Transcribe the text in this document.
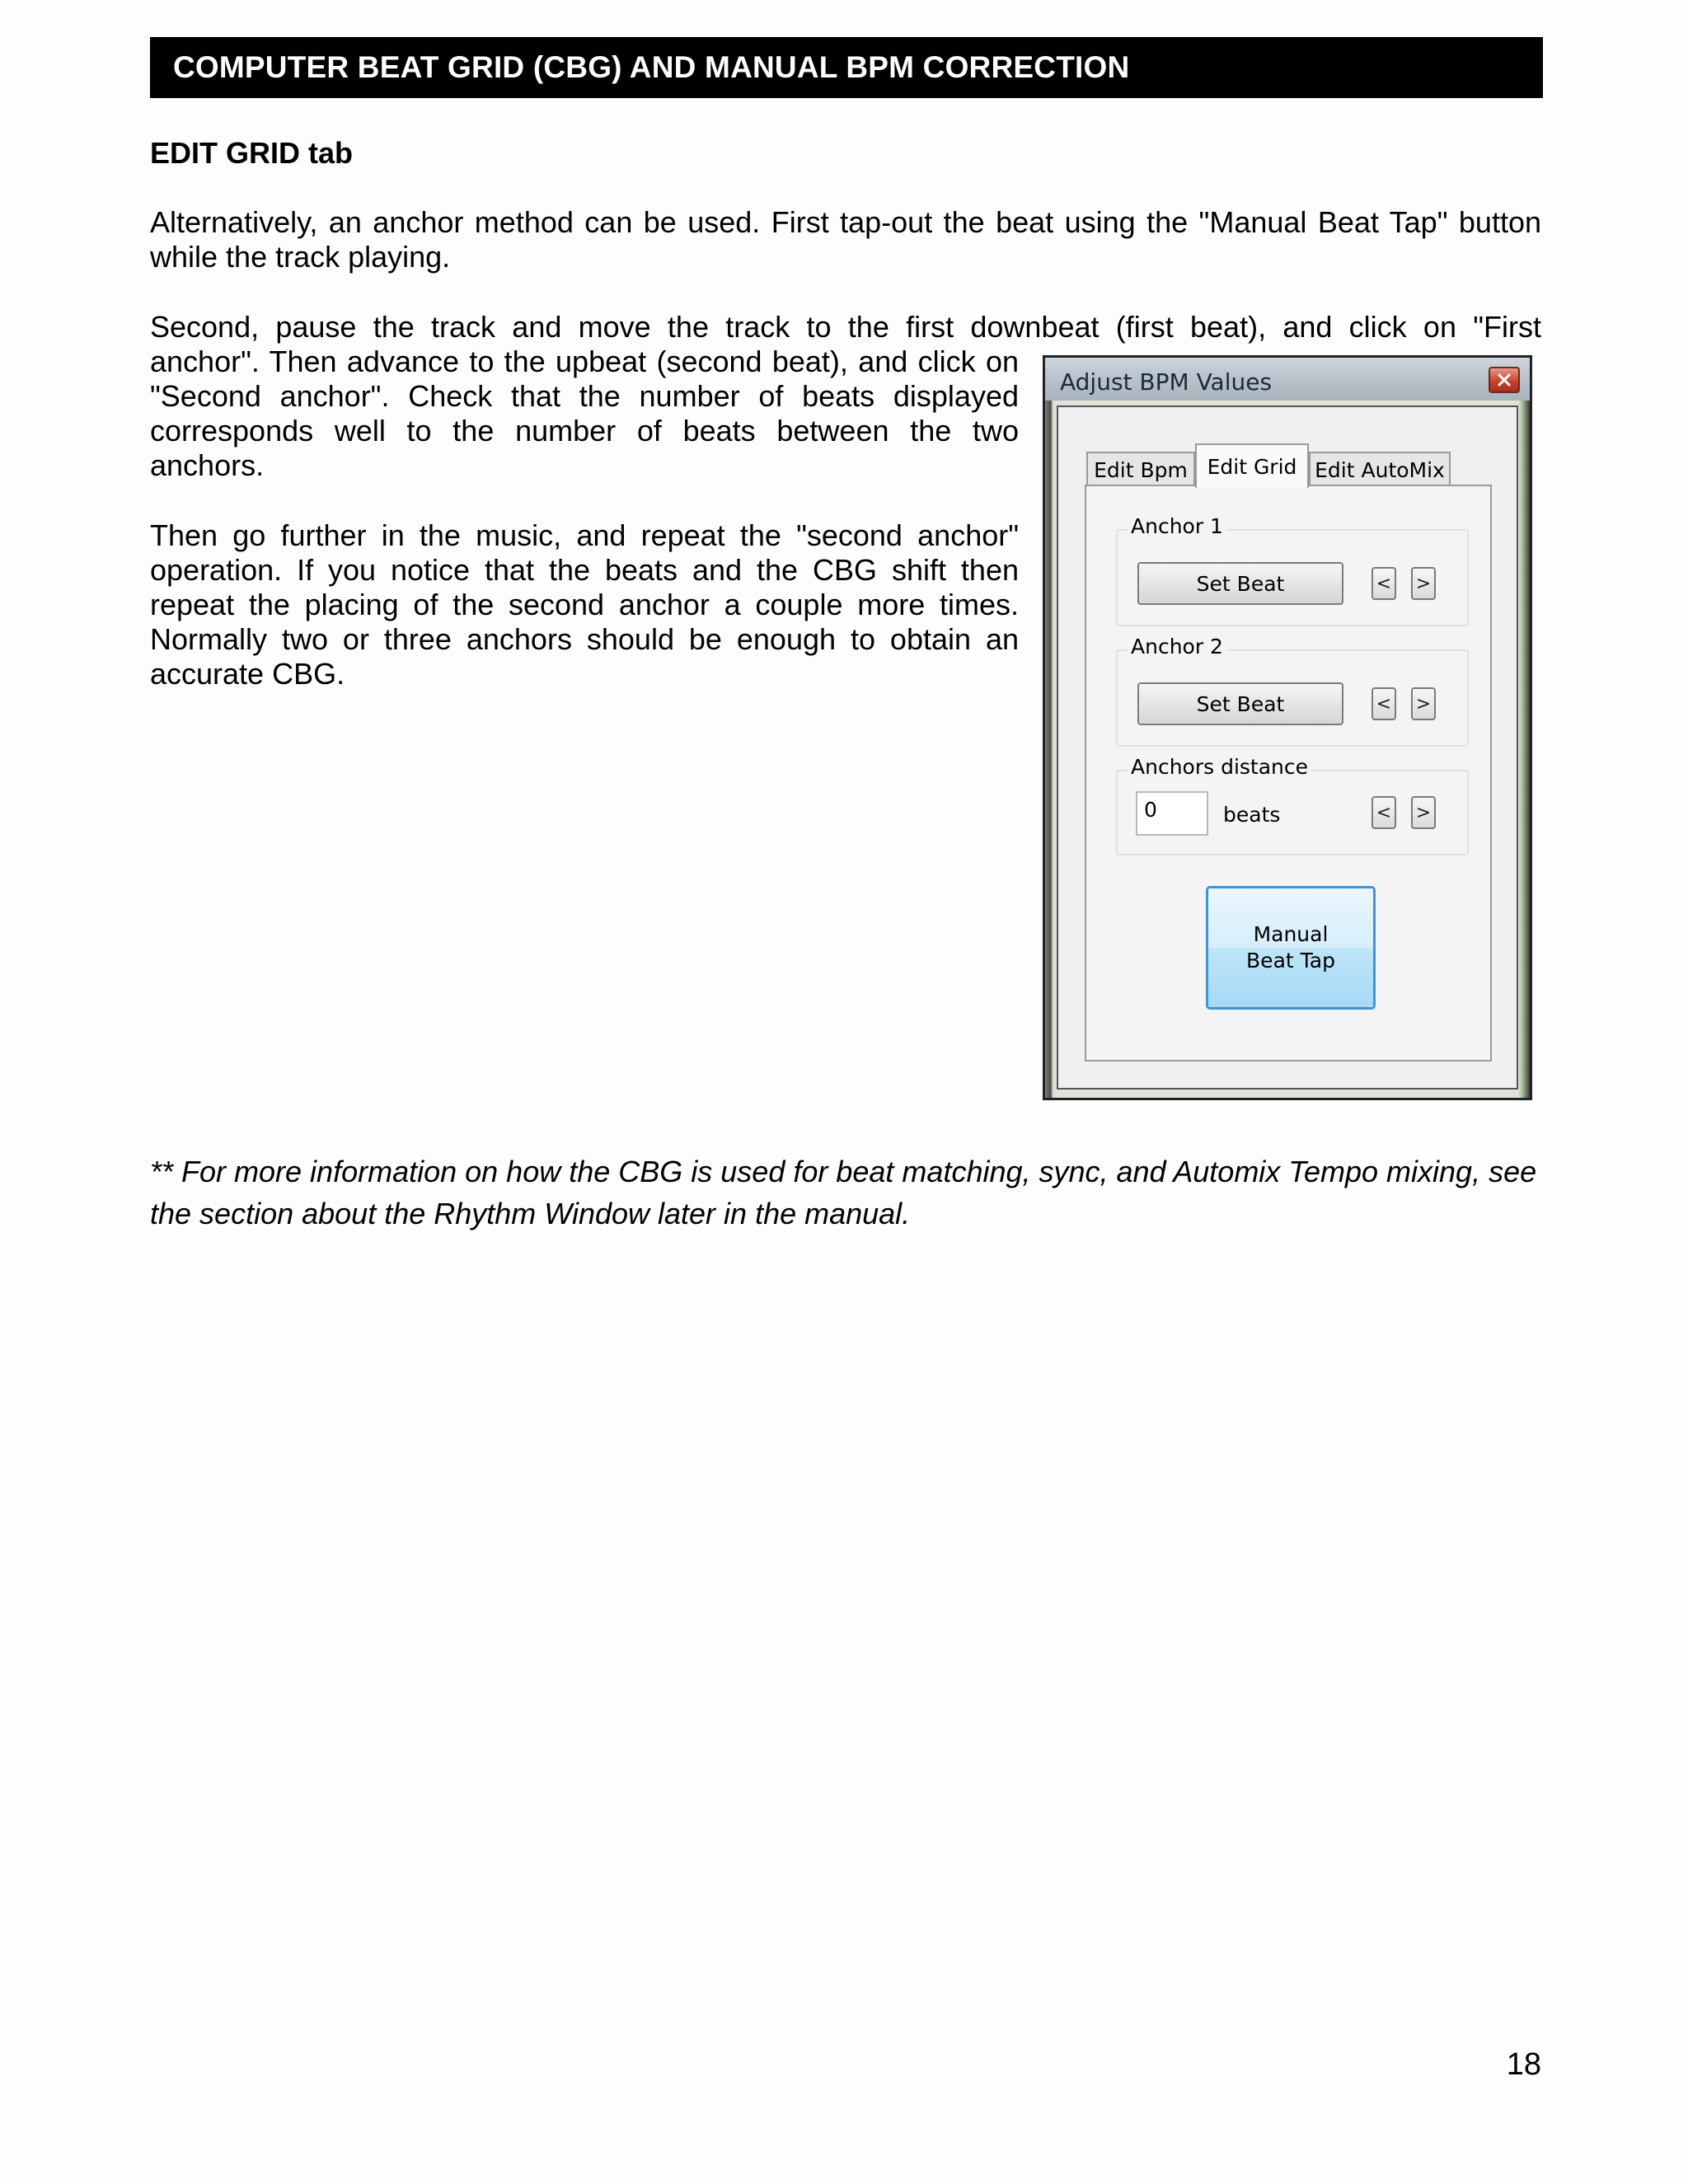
COMPUTER BEAT GRID (CBG) AND MANUAL BPM CORRECTION
EDIT GRID tab

Alternatively, an anchor method can be used. First tap-out the beat using the "Manual Beat Tap" button while the track playing.

Second, pause the track and move the track to the first downbeat (first beat), and click on "First

anchor". Then advance to the upbeat (second beat), and click on "Second anchor". Check that the number of beats displayed corresponds well to the number of beats between the two anchors.

Then go further in the music, and repeat the "second anchor" operation. If you notice that the beats and the CBG shift then repeat the placing of the second anchor a couple more times. Normally two or three anchors should be enough to obtain an accurate CBG.

Adjust BPM Values
Edit Bpm Edit Grid Edit AutoMix
Anchor 1
Set Beat	< >
Anchor 2
Set Beat	< >
Anchors distance
0	beats	< >
Manual
Beat Tap

** For more information on how the CBG is used for beat matching, sync, and Automix Tempo mixing, see the section about the Rhythm Window later in the manual.

18
